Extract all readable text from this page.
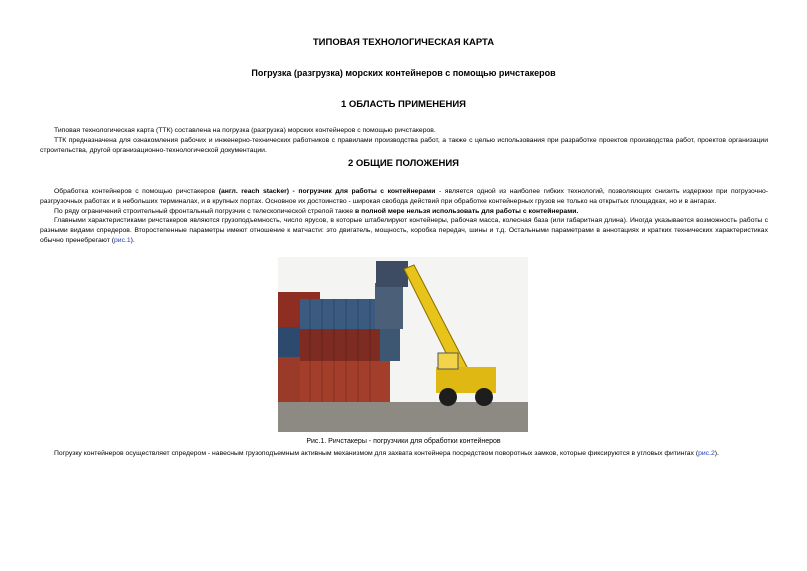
ТИПОВАЯ ТЕХНОЛОГИЧЕСКАЯ КАРТА
Погрузка (разгрузка) морских контейнеров с помощью ричстакеров
1 ОБЛАСТЬ ПРИМЕНЕНИЯ

Типовая технологическая карта (ТТК) составлена на погрузка (разгрузка) морских контейнеров с помощью ричстакеров.

ТТК предназначена для ознакомления рабочих и инженерно-технических работников с правилами производства работ, а также с целью использования при разработке проектов производства работ, проектов организации строительства, другой организационно-технологической документации.

2 ОБЩИЕ ПОЛОЖЕНИЯ

Обработка контейнеров с помощью ричстакеров (англ. reach stacker) - погрузчик для работы с контейнерами - является одной из наиболее гибких технологий, позволяющих снизить издержки при погрузочно-разгрузочных работах и в небольших терминалах, и в крупных портах. Основное их достоинство - широкая свобода действий при обработке контейнерных грузов не только на открытых площадках, но и в ангарах.

По ряду ограничений строительный фронтальный погрузчик с телескопической стрелой также в полной мере нельзя использовать для работы с контейнерами.

Главными характеристиками ричстакеров являются грузоподъемность, число ярусов, в которые штабелируют контейнеры, рабочая масса, колесная база (или габаритная длина). Иногда указывается возможность работы с разными видами спредеров. Второстепенные параметры имеют отношение к матчасти: это двигатель, мощность, коробка передач, шины и т.д. Остальными параметрами в аннотациях и кратких технических характеристиках обычно пренебрегают (рис.1).

Рис.1. Ричстакеры - погрузчики для обработки контейнеров
Погрузку контейнеров осуществляет спредером - навесным грузоподъемным активным механизмом для захвата контейнера посредством поворотных замков, которые фиксируются в угловых фитингах (рис.2).
